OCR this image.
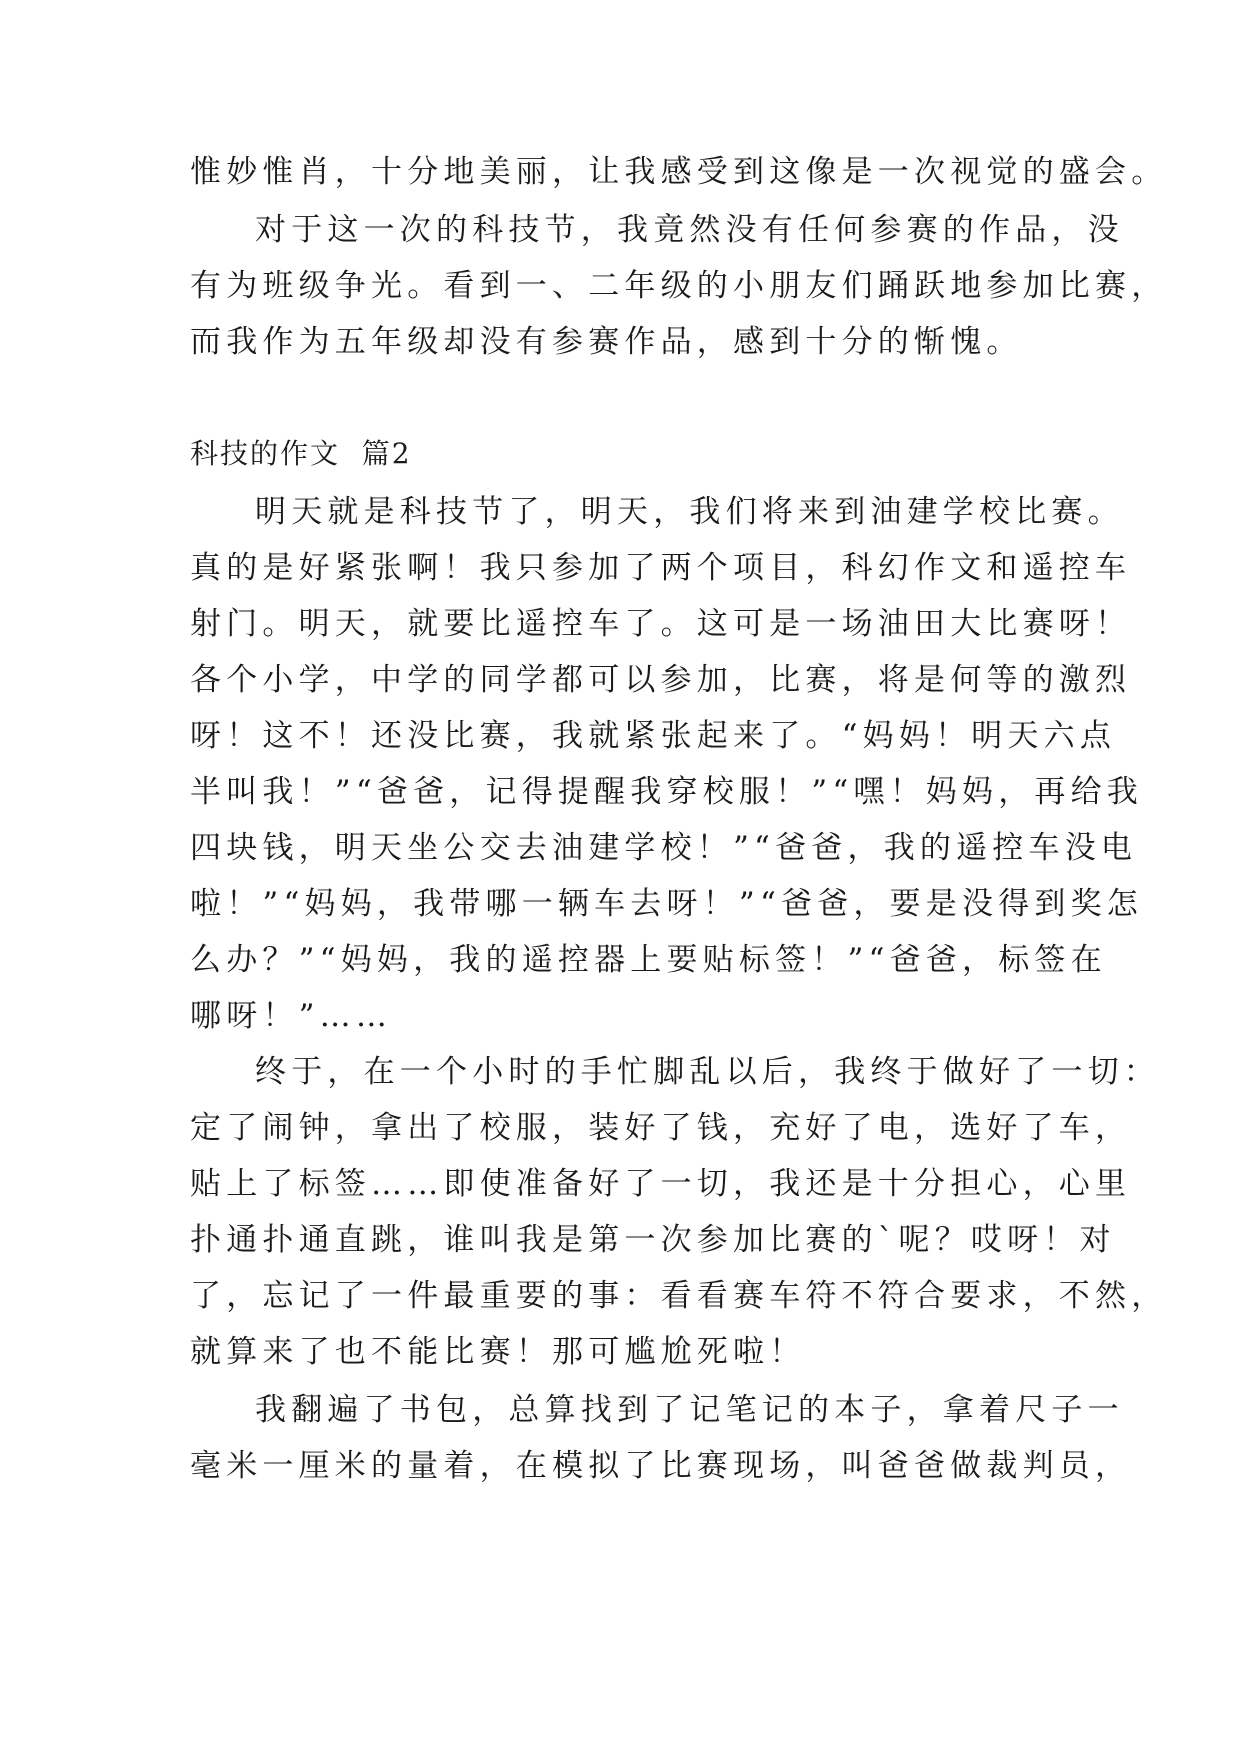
惟妙惟肖，十分地美丽，让我感受到这像是一次视觉的盛会。

对于这一次的科技节，我竟然没有任何参赛的作品，没

有为班级争光。看到一、二年级的小朋友们踊跃地参加比赛，

而我作为五年级却没有参赛作品，感到十分的惭愧。

科技的作文  篇2

明天就是科技节了，明天，我们将来到油建学校比赛。

真的是好紧张啊！我只参加了两个项目，科幻作文和遥控车

射门。明天，就要比遥控车了。这可是一场油田大比赛呀！

各个小学，中学的同学都可以参加，比赛，将是何等的激烈

呀！这不！还没比赛，我就紧张起来了。“妈妈！明天六点

半叫我！”“爸爸，记得提醒我穿校服！”“嘿！妈妈，再给我

四块钱，明天坐公交去油建学校！”“爸爸，我的遥控车没电

啦！”“妈妈，我带哪一辆车去呀！”“爸爸，要是没得到奖怎

么办？”“妈妈，我的遥控器上要贴标签！”“爸爸，标签在

哪呀！”……

终于，在一个小时的手忙脚乱以后，我终于做好了一切：

定了闹钟，拿出了校服，装好了钱，充好了电，选好了车，

贴上了标签……即使准备好了一切，我还是十分担心，心里

扑通扑通直跳，谁叫我是第一次参加比赛的`呢？哎呀！对

了，忘记了一件最重要的事：看看赛车符不符合要求，不然，

就算来了也不能比赛！那可尴尬死啦！

我翻遍了书包，总算找到了记笔记的本子，拿着尺子一

毫米一厘米的量着，在模拟了比赛现场，叫爸爸做裁判员，
